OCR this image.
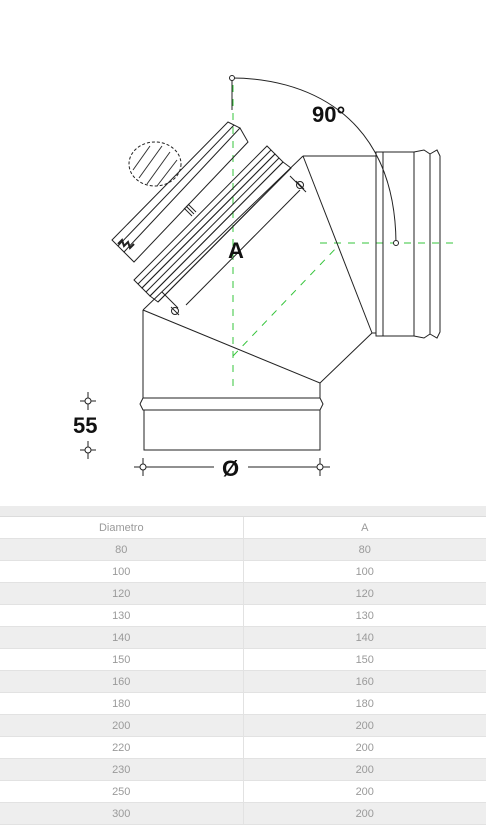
90°
A
Ø
55

Diametro	A
80	80
100	100
120	120
130	130
140	140
150	150
160	160
180	180
200	200
220	200
230	200
250	200
300	200
